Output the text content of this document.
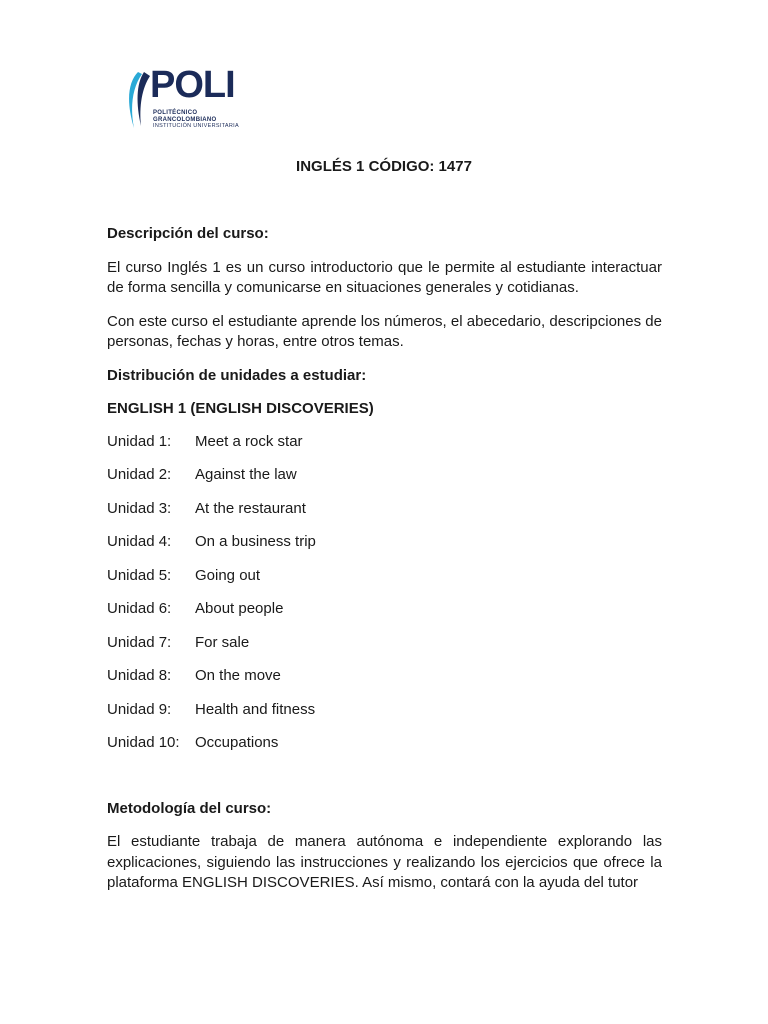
POLI
POLITÉCNICO
GRANCOLOMBIANO
INSTITUCIÓN UNIVERSITARIA
INGLÉS 1 CÓDIGO: 1477

Descripción del curso:

El curso Inglés 1 es un curso introductorio que le permite al estudiante interactuar de forma sencilla y comunicarse en situaciones generales y cotidianas.

Con este curso el estudiante aprende los números, el abecedario, descripciones de personas, fechas y horas, entre otros temas.

Distribución de unidades a estudiar:

ENGLISH 1 (ENGLISH DISCOVERIES)

Unidad 1:	Meet a rock star
Unidad 2:	Against the law
Unidad 3:	At the restaurant
Unidad 4:	On a business trip
Unidad 5:	Going out
Unidad 6:	About people
Unidad 7:	For sale
Unidad 8:	On the move
Unidad 9:	Health and fitness
Unidad 10:	Occupations

Metodología del curso:

El estudiante trabaja de manera autónoma e independiente explorando las explicaciones, siguiendo las instrucciones y realizando los ejercicios que ofrece la plataforma ENGLISH DISCOVERIES. Así mismo, contará con la ayuda del tutor
